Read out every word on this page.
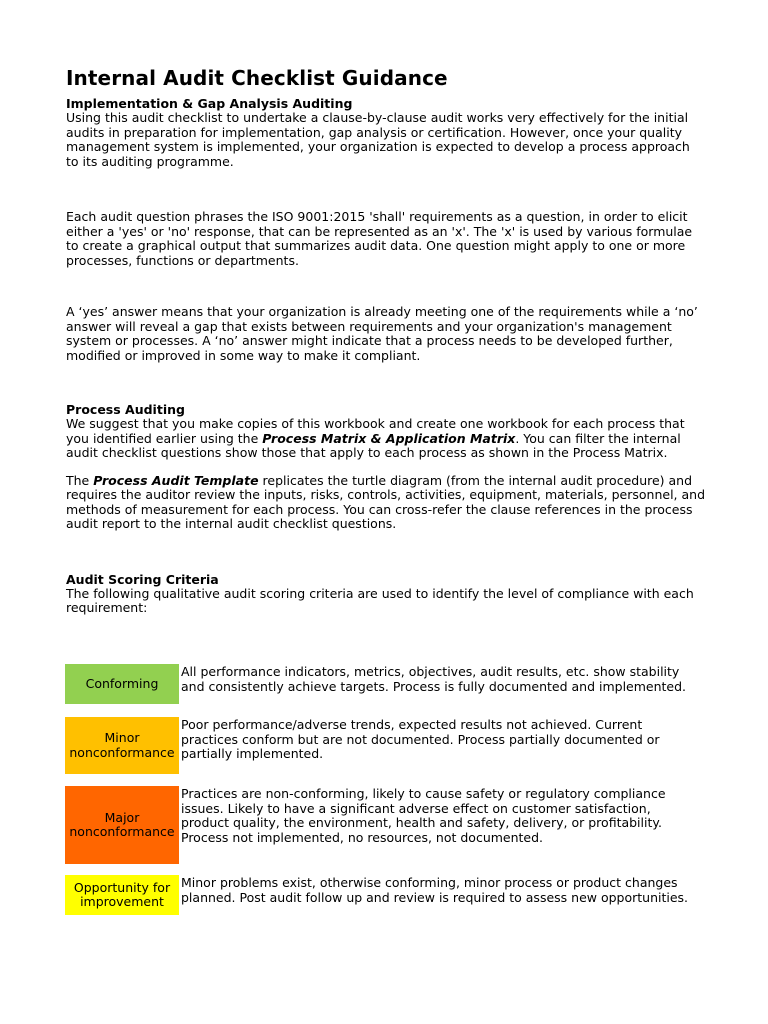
Internal Audit Checklist Guidance
Implementation & Gap Analysis Auditing

Using this audit checklist to undertake a clause-by-clause audit works very effectively for the initial audits in preparation for implementation, gap analysis or certification. However, once your quality management system is implemented, your organization is expected to develop a process approach to its auditing programme.

Each audit question phrases the ISO 9001:2015 'shall' requirements as a question, in order to elicit either a 'yes' or 'no' response, that can be represented as an 'x'. The 'x' is used by various formulae to create a graphical output that summarizes audit data. One question might apply to one or more processes, functions or departments.

A ‘yes’ answer means that your organization is already meeting one of the requirements while a ‘no’ answer will reveal a gap that exists between requirements and your organization's management system or processes. A ‘no’ answer might indicate that a process needs to be developed further, modified or improved in some way to make it compliant.

Process Auditing

We suggest that you make copies of this workbook and create one workbook for each process that you identified earlier using the Process Matrix & Application Matrix. You can filter the internal audit checklist questions show those that apply to each process as shown in the Process Matrix.

The Process Audit Template replicates the turtle diagram (from the internal audit procedure) and requires the auditor review the inputs, risks, controls, activities, equipment, materials, personnel, and methods of measurement for each process. You can cross-refer the clause references in the process audit report to the internal audit checklist questions.

Audit Scoring Criteria

The following qualitative audit scoring criteria are used to identify the level of compliance with each requirement:

Conforming
All performance indicators, metrics, objectives, audit results, etc. show stability and consistently achieve targets. Process is fully documented and implemented.
Minor nonconformance
Poor performance/adverse trends, expected results not achieved. Current practices conform but are not documented. Process partially documented or partially implemented.
Major nonconformance
Practices are non-conforming, likely to cause safety or regulatory compliance issues. Likely to have a significant adverse effect on customer satisfaction, product quality, the environment, health and safety, delivery, or profitability. Process not implemented, no resources, not documented.
Opportunity for improvement
Minor problems exist, otherwise conforming, minor process or product changes planned. Post audit follow up and review is required to assess new opportunities.
